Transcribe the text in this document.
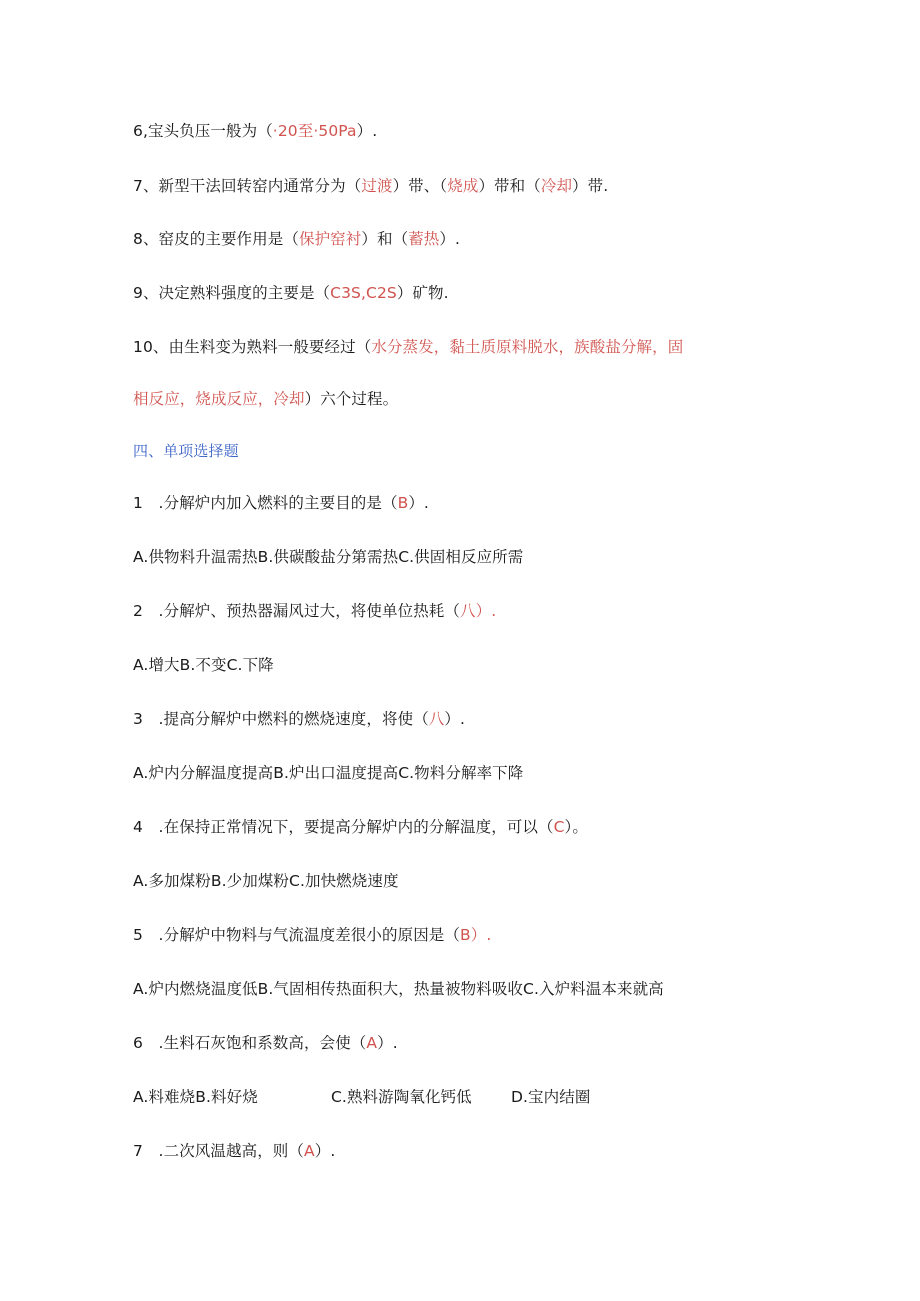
6,宝头负压一般为（·20至·50Pa）.
7、新型干法回转窑内通常分为（过渡）带、（烧成）带和（冷却）带.
8、窑皮的主要作用是（保护窑衬）和（蓄热）.
9、决定熟料强度的主要是（C3S,C2S）矿物.
10、由生料变为熟料一般要经过（水分蒸发，黏土质原料脱水，族酸盐分解，固
相反应，烧成反应，冷却）六个过程。
四、单项选择题
1　.分解炉内加入燃料的主要目的是（B）.
A.供物料升温需热B.供碳酸盐分第需热C.供固相反应所需
2　.分解炉、预热器漏风过大，将使单位热耗（八）.
A.增大B.不变C.下降
3　.提高分解炉中燃料的燃烧速度，将使（八）.
A.炉内分解温度提高B.炉出口温度提高C.物料分解率下降
4　.在保持正常情况下，要提高分解炉内的分解温度，可以（C）。
A.多加煤粉B.少加煤粉C.加快燃烧速度
5　.分解炉中物料与气流温度差很小的原因是（B）.
A.炉内燃烧温度低B.气固相传热面积大，热量被物料吸收C.入炉料温本来就高
6　.生料石灰饱和系数高，会使（A）.
A.料难烧B.料好烧	C.熟料游陶氧化钙低	D.宝内结圈
7　.二次风温越高，则（A）.
